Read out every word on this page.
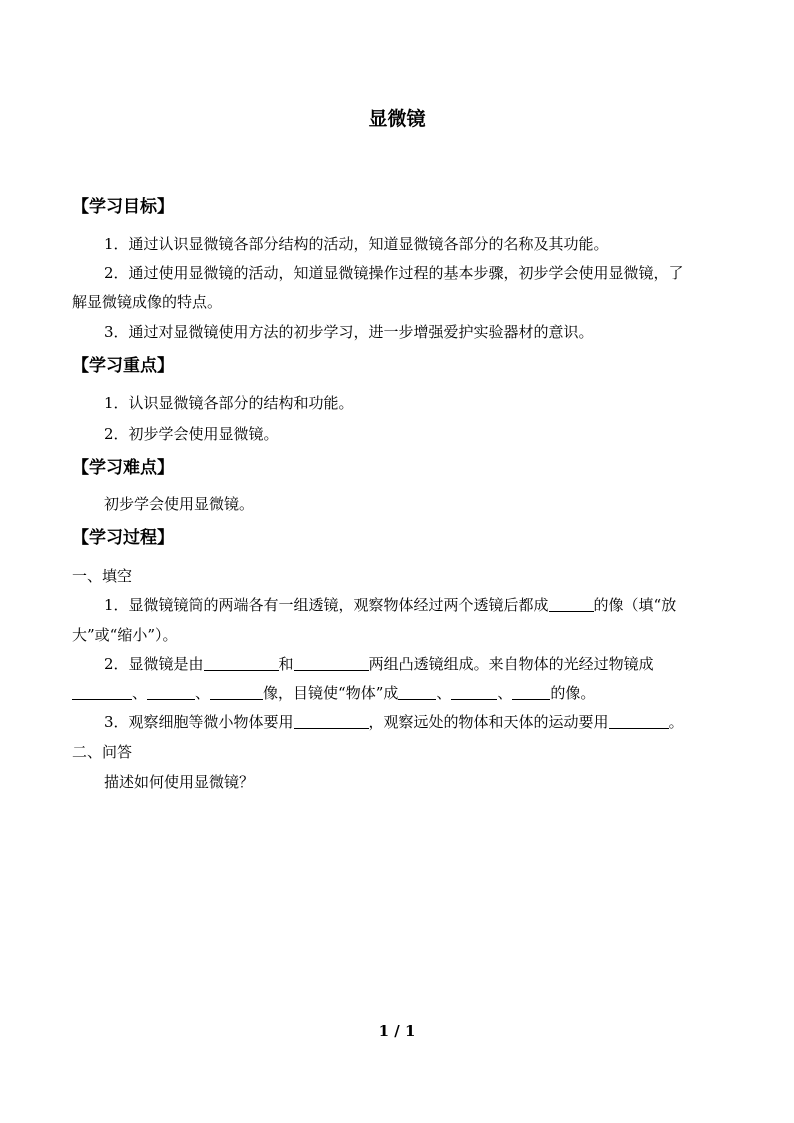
显微镜
【学习目标】
1．通过认识显微镜各部分结构的活动，知道显微镜各部分的名称及其功能。
2．通过使用显微镜的活动，知道显微镜操作过程的基本步骤，初步学会使用显微镜，了
解显微镜成像的特点。
3．通过对显微镜使用方法的初步学习，进一步增强爱护实验器材的意识。
【学习重点】
1．认识显微镜各部分的结构和功能。
2．初步学会使用显微镜。
【学习难点】
初步学会使用显微镜。
【学习过程】
一、填空
1．显微镜镜筒的两端各有一组透镜，观察物体经过两个透镜后都成	的像（填“放
大”或“缩小”）。
2．显微镜是由	和	两组凸透镜组成。来自物体的光经过物镜成
、	、	像，目镜使“物体”成	、	、	的像。
3．观察细胞等微小物体要用	，观察远处的物体和天体的运动要用	。
二、问答
描述如何使用显微镜？
1 / 1
